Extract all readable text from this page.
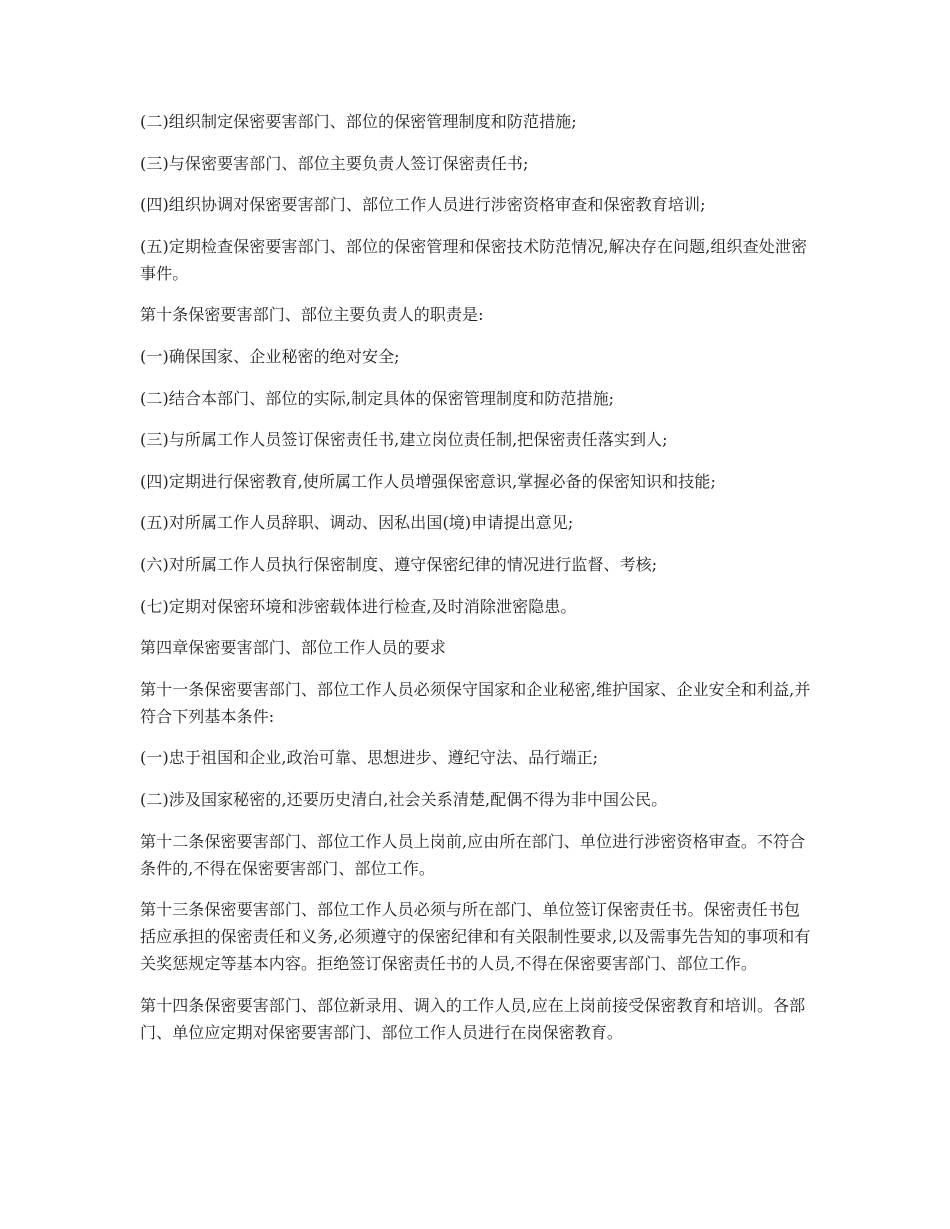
(二)组织制定保密要害部门、部位的保密管理制度和防范措施;

(三)与保密要害部门、部位主要负责人签订保密责任书;

(四)组织协调对保密要害部门、部位工作人员进行涉密资格审查和保密教育培训;

(五)定期检查保密要害部门、部位的保密管理和保密技术防范情况,解决存在问题,组织查处泄密事件。

第十条保密要害部门、部位主要负责人的职责是:

(一)确保国家、企业秘密的绝对安全;

(二)结合本部门、部位的实际,制定具体的保密管理制度和防范措施;

(三)与所属工作人员签订保密责任书,建立岗位责任制,把保密责任落实到人;

(四)定期进行保密教育,使所属工作人员增强保密意识,掌握必备的保密知识和技能;

(五)对所属工作人员辞职、调动、因私出国(境)申请提出意见;

(六)对所属工作人员执行保密制度、遵守保密纪律的情况进行监督、考核;

(七)定期对保密环境和涉密载体进行检查,及时消除泄密隐患。

第四章保密要害部门、部位工作人员的要求

第十一条保密要害部门、部位工作人员必须保守国家和企业秘密,维护国家、企业安全和利益,并符合下列基本条件:

(一)忠于祖国和企业,政治可靠、思想进步、遵纪守法、品行端正;

(二)涉及国家秘密的,还要历史清白,社会关系清楚,配偶不得为非中国公民。

第十二条保密要害部门、部位工作人员上岗前,应由所在部门、单位进行涉密资格审查。不符合条件的,不得在保密要害部门、部位工作。

第十三条保密要害部门、部位工作人员必须与所在部门、单位签订保密责任书。保密责任书包括应承担的保密责任和义务,必须遵守的保密纪律和有关限制性要求,以及需事先告知的事项和有关奖惩规定等基本内容。拒绝签订保密责任书的人员,不得在保密要害部门、部位工作。

第十四条保密要害部门、部位新录用、调入的工作人员,应在上岗前接受保密教育和培训。各部门、单位应定期对保密要害部门、部位工作人员进行在岗保密教育。
